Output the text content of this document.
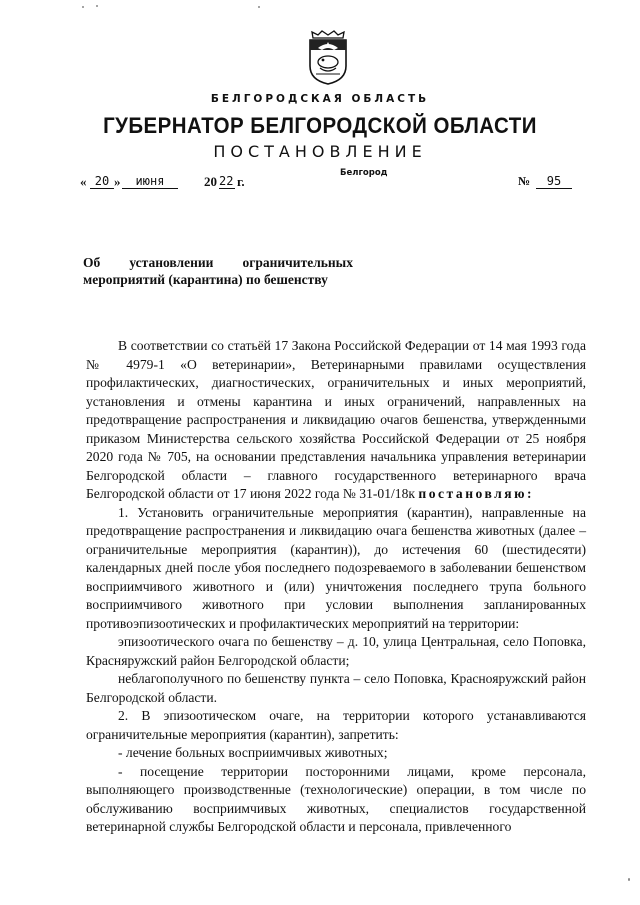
БЕЛГОРОДСКАЯ ОБЛАСТЬ
ГУБЕРНАТОР БЕЛГОРОДСКОЙ ОБЛАСТИ
ПОСТАНОВЛЕНИЕ
Белгород
« 20 »	июня	20 22 г.	№	95
Об установлении ограничительных
мероприятий (карантина) по бешенству

В соответствии со статьёй 17 Закона Российской Федерации от 14 мая 1993 года № 4979-1 «О ветеринарии», Ветеринарными правилами осуществления профилактических, диагностических, ограничительных и иных мероприятий, установления и отмены карантина и иных ограничений, направленных на предотвращение распространения и ликвидацию очагов бешенства, утвержденными приказом Министерства сельского хозяйства Российской Федерации от 25 ноября 2020 года № 705, на основании представления начальника управления ветеринарии Белгородской области – главного государственного ветеринарного врача Белгородской области от 17 июня 2022 года № 31-01/18к постановляю:

1. Установить ограничительные мероприятия (карантин), направленные на предотвращение распространения и ликвидацию очага бешенства животных (далее – ограничительные мероприятия (карантин)), до истечения 60 (шестидесяти) календарных дней после убоя последнего подозреваемого в заболевании бешенством восприимчивого животного и (или) уничтожения последнего трупа больного восприимчивого животного при условии выполнения запланированных противоэпизоотических и профилактических мероприятий на территории:

эпизоотического очага по бешенству – д. 10, улица Центральная, село Поповка, Красняружский район Белгородской области;

неблагополучного по бешенству пункта – село Поповка, Краснояружский район Белгородской области.

2. В эпизоотическом очаге, на территории которого устанавливаются ограничительные мероприятия (карантин), запретить:

- лечение больных восприимчивых животных;

- посещение территории посторонними лицами, кроме персонала, выполняющего производственные (технологические) операции, в том числе по обслуживанию восприимчивых животных, специалистов государственной ветеринарной службы Белгородской области и персонала, привлеченного
